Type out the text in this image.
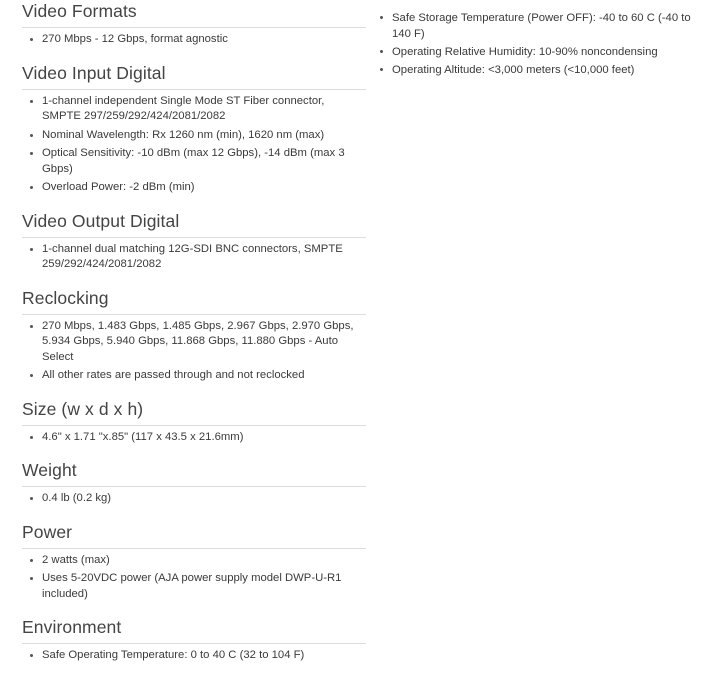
Video Formats
270 Mbps - 12 Gbps, format agnostic
Video Input Digital
1-channel independent Single Mode ST Fiber connector, SMPTE 297/259/292/424/2081/2082
Nominal Wavelength: Rx 1260 nm (min), 1620 nm (max)
Optical Sensitivity: -10 dBm (max 12 Gbps), -14 dBm (max 3 Gbps)
Overload Power: -2 dBm (min)
Video Output Digital
1-channel dual matching 12G-SDI BNC connectors, SMPTE 259/292/424/2081/2082
Reclocking
270 Mbps, 1.483 Gbps, 1.485 Gbps, 2.967 Gbps, 2.970 Gbps, 5.934 Gbps, 5.940 Gbps, 11.868 Gbps, 11.880 Gbps - Auto Select
All other rates are passed through and not reclocked
Size (w x d x h)
4.6" x 1.71 "x.85" (117 x 43.5 x 21.6mm)
Weight
0.4 lb (0.2 kg)
Power
2 watts (max)
Uses 5-20VDC power (AJA power supply model DWP-U-R1 included)
Environment
Safe Operating Temperature: 0 to 40 C (32 to 104 F)
Safe Storage Temperature (Power OFF): -40 to 60 C (-40 to 140 F)
Operating Relative Humidity: 10-90% noncondensing
Operating Altitude: <3,000 meters (<10,000 feet)
